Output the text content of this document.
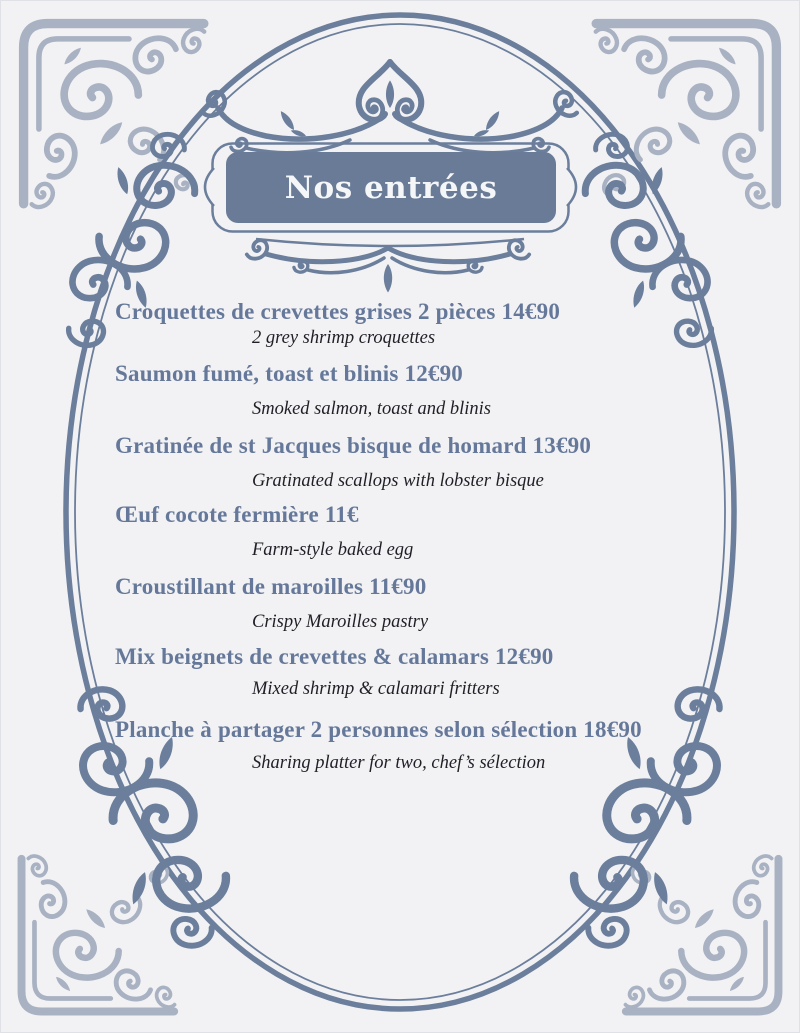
Nos entrées
Croquettes de crevettes grises 2 pièces 14€90
2 grey shrimp croquettes
Saumon fumé, toast et blinis 12€90
Smoked salmon, toast and blinis
Gratinée de st Jacques bisque de homard 13€90
Gratinated scallops with lobster bisque
Œuf cocote fermière 11€
Farm-style baked egg
Croustillant de maroilles 11€90
Crispy Maroilles pastry
Mix beignets de crevettes & calamars 12€90
Mixed shrimp & calamari fritters
Planche à partager 2 personnes selon sélection 18€90
Sharing platter for two, chef’s sélection
